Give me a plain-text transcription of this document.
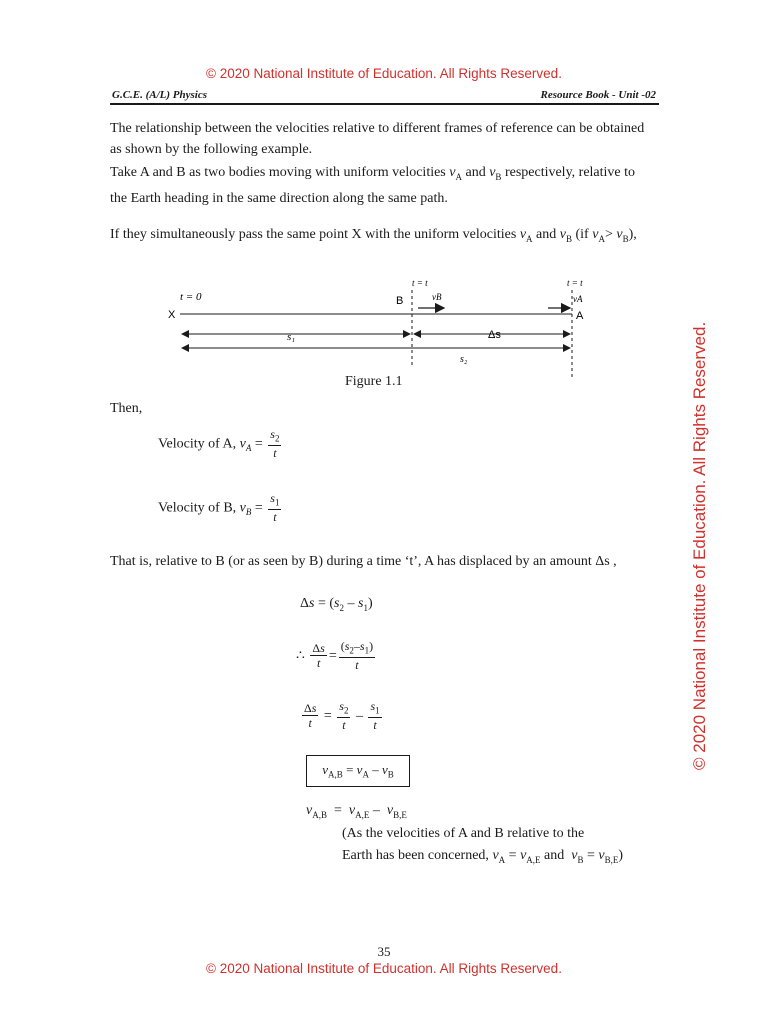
© 2020 National Institute of Education. All Rights Reserved.
© 2020 National Institute of Education. All Rights Reserved.
© 2020 National Institute of Education. All Rights Reserved.
G.C.E. (A/L) Physics	Resource Book - Unit -02
The relationship between the velocities relative to different frames of reference can be obtained
as shown by the following example.
Take A and B as two bodies moving with uniform velocities $v_A$ and $v_B$ respectively, relative to
the Earth heading in the same direction along the same path.
If they simultaneously pass the same point X with the uniform velocities $v_A$ and $v_B$ (if $v_A> v_B$),
t = 0
t = t	t = t
X
B
A
vB	vA
s₁	Δs
s₂
Figure 1.1
Then,
Velocity of A, $v_A = \frac{s_2}{t}$
Velocity of B, $v_B = \frac{s_1}{t}$
That is, relative to B (or as seen by B) during a time ‘t’, A has displaced by an amount Δs ,
$\Delta s = (s_2 - s_1)$
∴ $\frac{\Delta s}{t} = \frac{(s_2-s_1)}{t}$
$\frac{\Delta s}{t} = \frac{s_2}{t} - \frac{s_1}{t}$
$v_{A,B} = v_A - v_B$
$v_{A,B} = v_{A,E} - v_{B,E}$
(As the velocities of A and B relative to the
Earth has been concerned, $v_A = v_{A,E}$ and  $v_B = v_{B,E}$)
35
